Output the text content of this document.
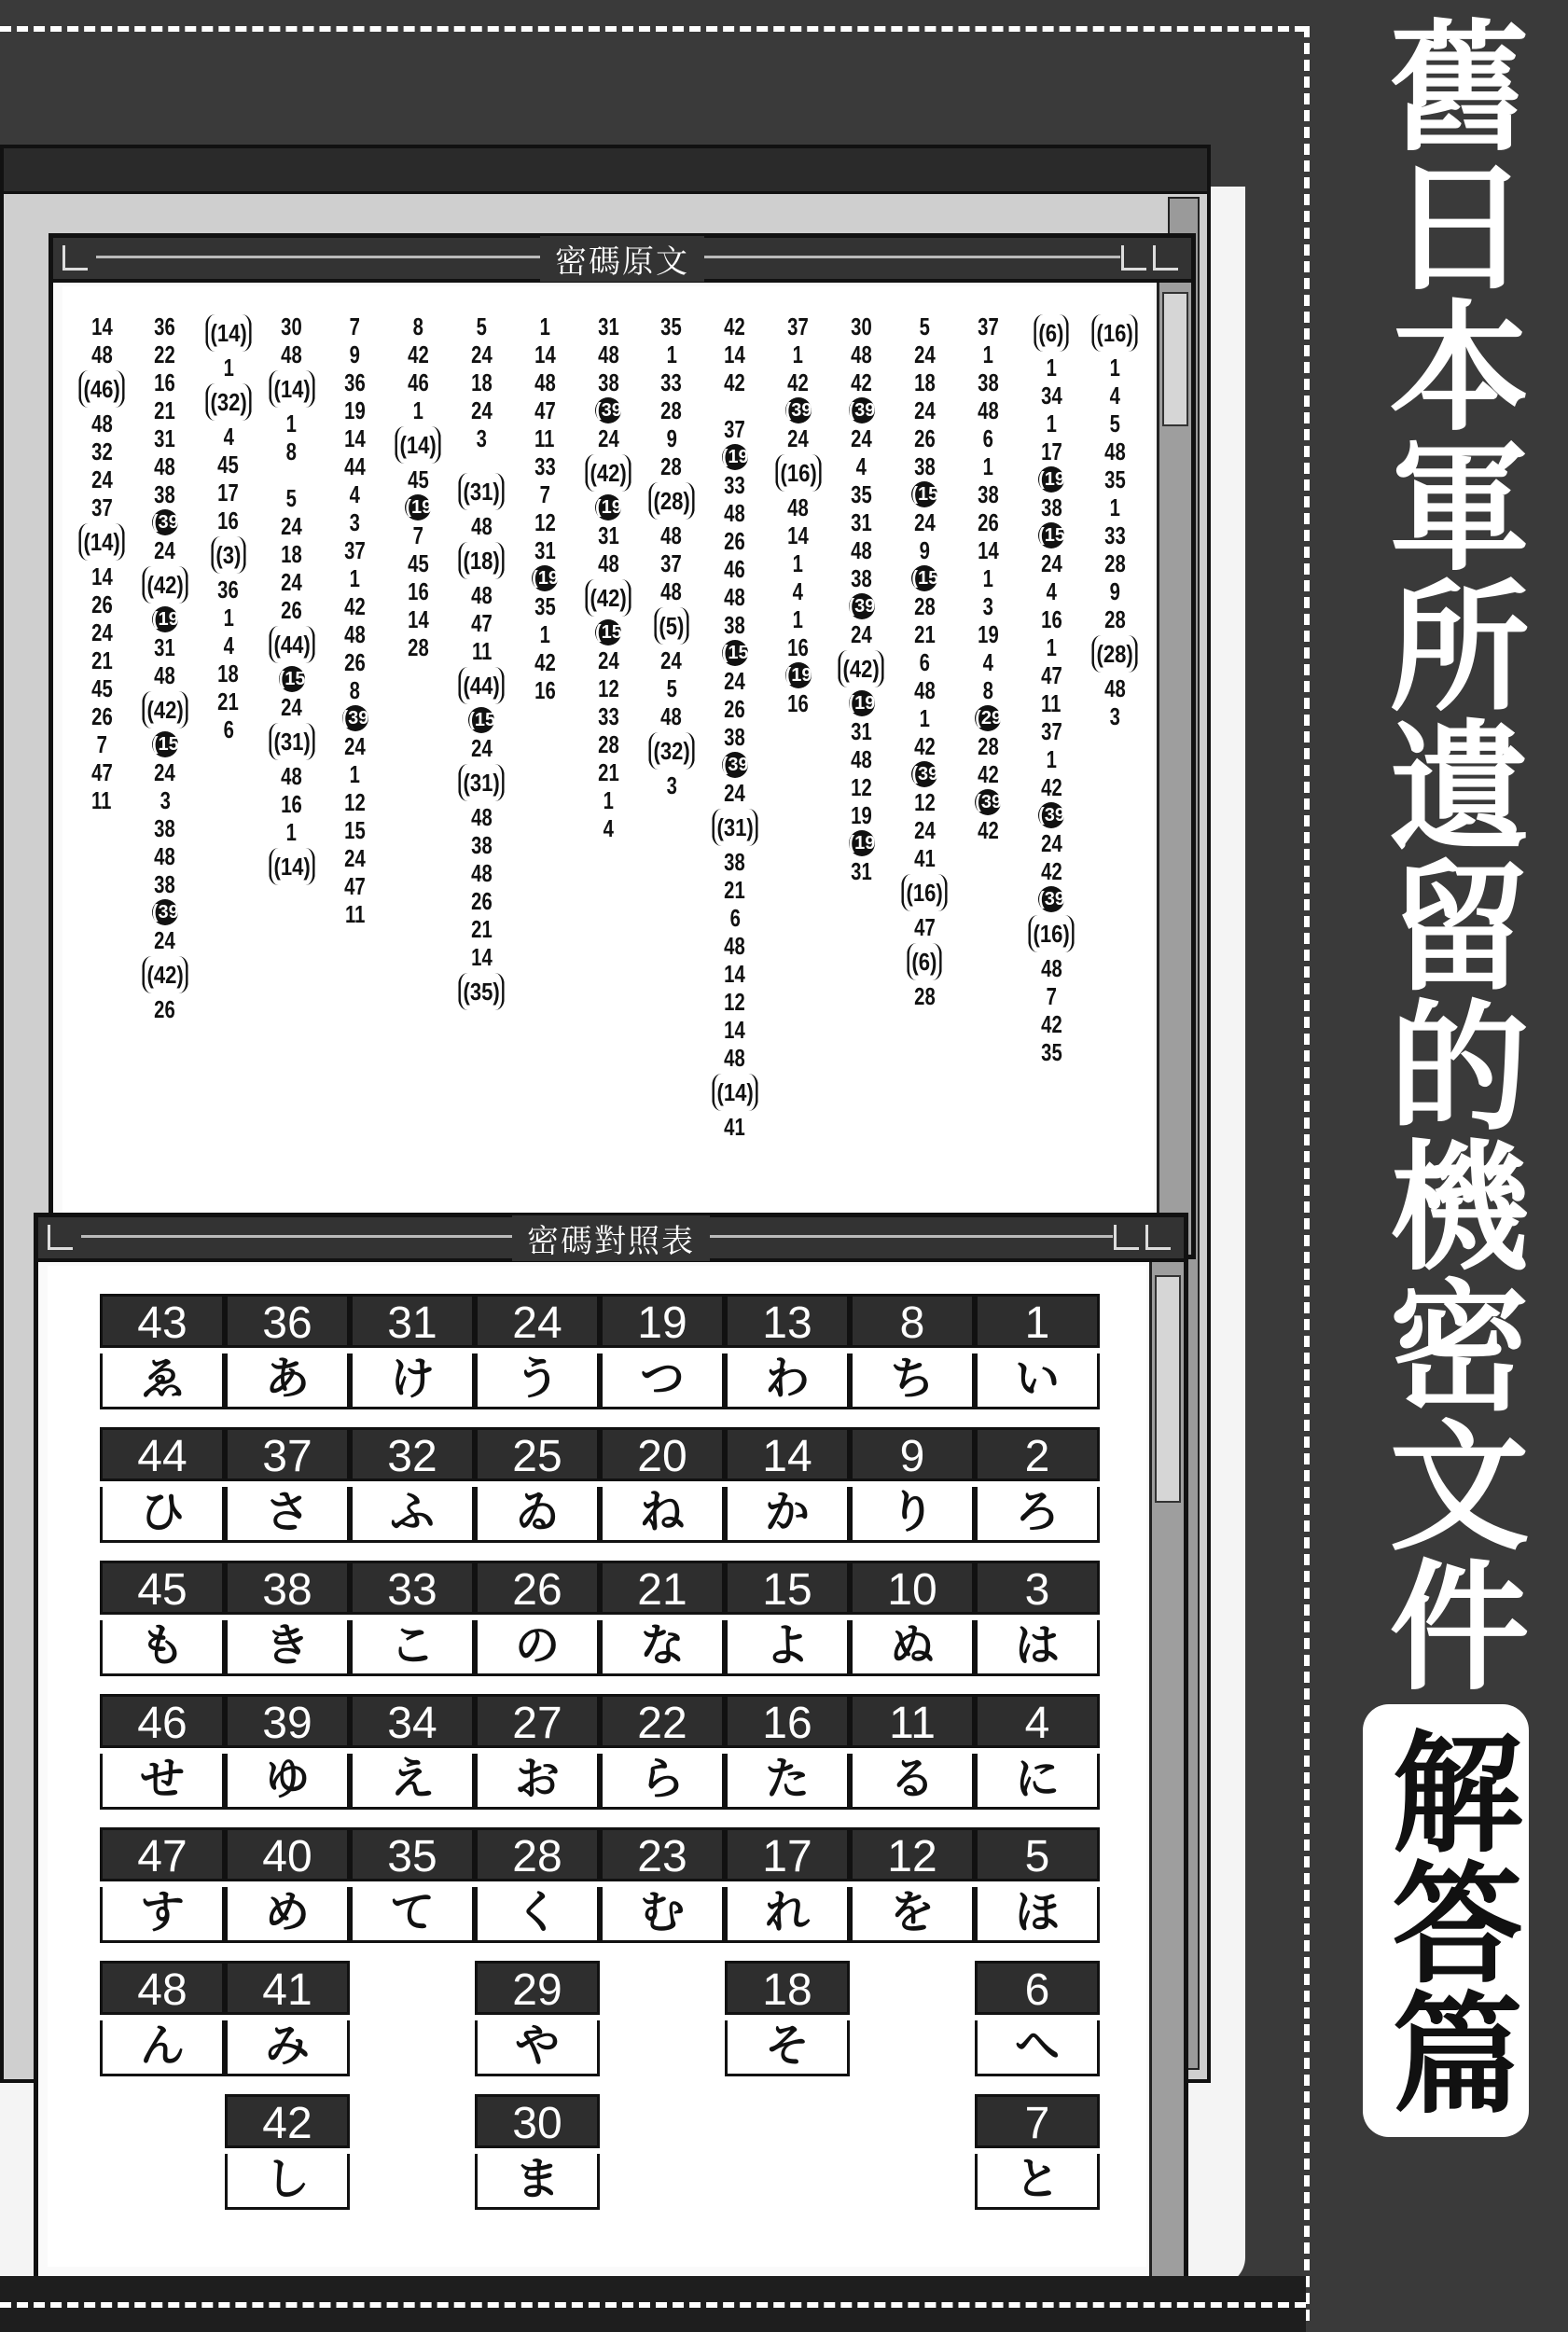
密碼原文
(16)
1
4
5
48
35
1
33
28
9
28
(28)
48
3
(6)
1
34
1
17
(19)
38
(15)
24
4
16
1
47
11
37
1
42
(39)
24
42
(39)
(16)
48
7
42
35
37
1
38
48
6
1
38
26
14
1
3
19
4
8
(29)
28
42
(39)
42
5
24
18
24
26
38
(15)
24
9
(15)
28
21
6
48
1
42
(39)
12
24
41
(16)
47
(6)
28
30
48
42
(39)
24
4
35
31
48
38
(39)
24
(42)
(19)
31
48
12
19
(19)
31
37
1
42
(39)
24
(16)
48
14
1
4
1
16
(19)
16
42
14
42
37
(19)
33
48
26
46
48
38
(15)
24
26
38
(39)
24
(31)
38
21
6
48
14
12
14
48
(14)
41
35
1
33
28
9
28
(28)
48
37
48
(5)
24
5
48
(32)
3
31
48
38
(39)
24
(42)
(19)
31
48
(42)
(15)
24
12
33
28
21
1
4
1
14
48
47
11
33
7
12
31
(19)
35
1
42
16
5
24
18
24
3
(31)
48
(18)
48
47
11
(44)
(15)
24
(31)
48
38
48
26
21
14
(35)
8
42
46
1
(14)
45
(19)
7
45
16
14
28
7
9
36
19
14
44
4
3
37
1
42
48
26
8
(39)
24
1
12
15
24
47
11
30
48
(14)
1
8
5
24
18
24
26
(44)
(15)
24
(31)
48
16
1
(14)
(14)
1
(32)
4
45
17
16
(3)
36
1
4
18
21
6
36
22
16
21
31
48
38
(39)
24
(42)
(19)
31
48
(42)
(15)
24
3
38
48
38
(39)
24
(42)
26
14
48
(46)
48
32
24
37
(14)
14
26
24
21
45
26
7
47
11
密碼對照表
43
ゑ
36
あ
31
け
24
う
19
つ
13
わ
8
ち
1
い
44
ひ
37
さ
32
ふ
25
ゐ
20
ね
14
か
9
り
2
ろ
45
も
38
き
33
こ
26
の
21
な
15
よ
10
ぬ
3
は
46
せ
39
ゆ
34
え
27
お
22
ら
16
た
11
る
4
に
47
す
40
め
35
て
28
く
23
む
17
れ
12
を
5
ほ
48
ん
41
み
29
や
18
そ
6
へ
42
し
30
ま
7
と
舊日本軍所遺留的機密文件
解答篇
